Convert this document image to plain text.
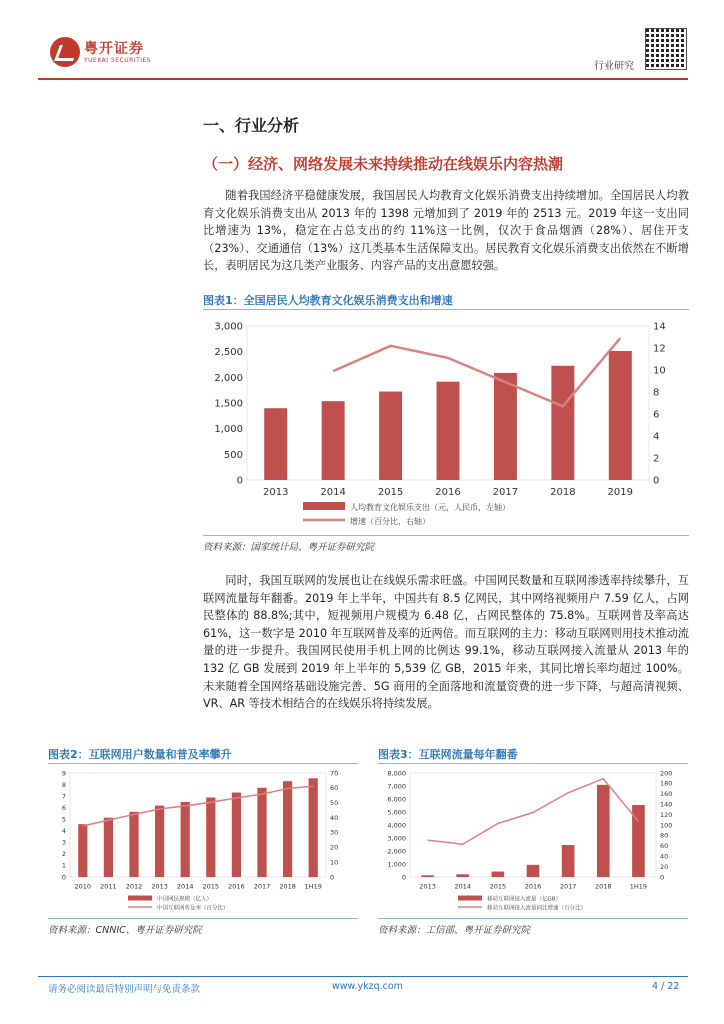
粤开证券
YUEKAI SECURITIES
行业研究
一、行业分析
（一）经济、网络发展未来持续推动在线娱乐内容热潮

随着我国经济平稳健康发展，我国居民人均教育文化娱乐消费支出持续增加。全国居民人均教育文化娱乐消费支出从 2013 年的 1398 元增加到了 2019 年的 2513 元。2019 年这一支出同比增速为 13%，稳定在占总支出的约 11%这一比例，仅次于食品烟酒（28%）、居住开支（23%）、交通通信（13%）这几类基本生活保障支出。居民教育文化娱乐消费支出依然在不断增长，表明居民为这几类产业服务、内容产品的支出意愿较强。

图表1：全国居民人均教育文化娱乐消费支出和增速
0
500
1,000
1,500
2,000
2,500
3,000
0
2
4
6
8
10
12
14
2013	2014	2015	2016	2017	2018	2019
人均教育文化娱乐支出（元，人民币，左轴）
增速（百分比，右轴）
资料来源：国家统计局、粤开证券研究院

同时，我国互联网的发展也让在线娱乐需求旺盛。中国网民数量和互联网渗透率持续攀升，互联网流量每年翻番。2019 年上半年，中国共有 8.5 亿网民，其中网络视频用户 7.59 亿人，占网民整体的 88.8%;其中，短视频用户规模为 6.48 亿，占网民整体的 75.8%。互联网普及率高达 61%，这一数字是 2010 年互联网普及率的近两倍。而互联网的主力：移动互联网则用技术推动流量的进一步提升。我国网民使用手机上网的比例达 99.1%，移动互联网接入流量从 2013 年的 132 亿 GB 发展到 2019 年上半年的 5,539 亿 GB，2015 年来，其同比增长率均超过 100%。未来随着全国网络基础设施完善、5G 商用的全面落地和流量资费的进一步下降，与超高清视频、VR、AR 等技术相结合的在线娱乐将持续发展。

图表2：互联网用户数量和普及率攀升
0
1
2
3
4
5
6
7
8
9
0
10
20
30
40
50
60
70
2010 2011 2012 2013 2014 2015 2016 2017 2018 1H19
中国网民规模（亿人）
中国互联网普及率（百分比）
资料来源：CNNIC、粤开证券研究院
图表3：互联网流量每年翻番
0
1,000
2,000
3,000
4,000
5,000
6,000
7,000
8,000
0
20
40
60
80
100
120
140
160
180
200
2013	2014	2015	2016	2017	2018	1H19
移动互联网接入流量（亿GB）
移动互联网接入流量同比增速（百分比）
资料来源：工信部、粤开证券研究院
请务必阅读最后特别声明与免责条款	www.ykzq.com	4 / 22
